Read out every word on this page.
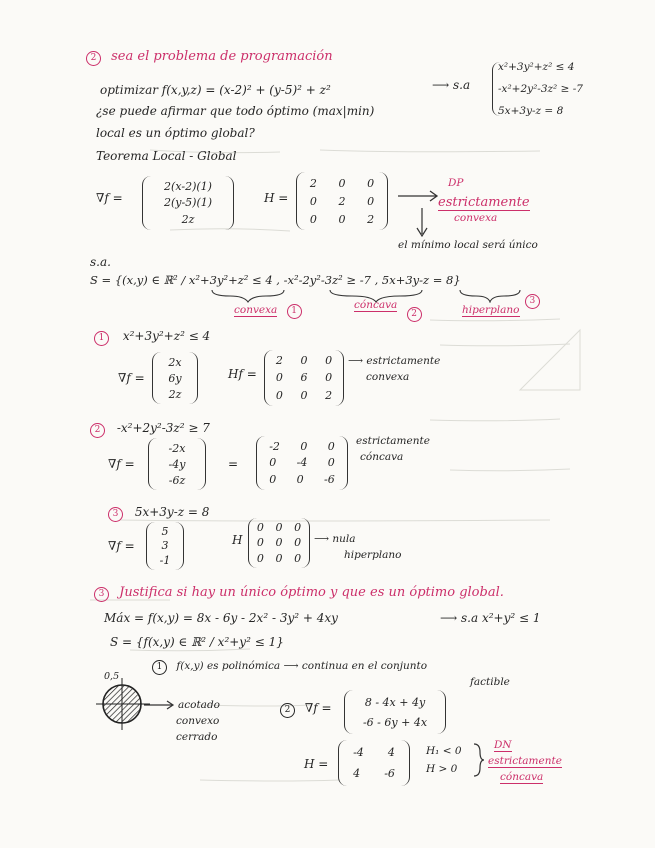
2 sea el problema de programación
optimizar f(x,y,z) = (x-2)² + (y-5)² + z²	⟶ s.a
x²+3y²+z² ≤ 4
-x²+2y²-3z² ≥ -7
5x+3y-z = 8
¿se puede afirmar que todo óptimo (max|min)
local es un óptimo global?
Teorema Local - Global
∇f =
2(x-2)(1)
2(y-5)(1)
2z
H =
2 0 0
0 2 0
0 0 2
DP
estrictamente
convexa
el mínimo local será único
s.a.
S = {(x,y) ∈ ℝ² / x²+3y²+z² ≤ 4 , -x²-2y²-3z² ≥ -7 , 5x+3y-z = 8}
convexa 1	cóncava 2	hiperplano 3
1 x²+3y²+z² ≤ 4
∇f =
2x
6y
2z
Hf =
2 0 0
0 6 0
0 0 2
⟶ estrictamente
convexa
2 -x²+2y²-3z² ≥ 7
∇f =
-2x
-4y
-6z
=
-2 0 0
0 -4 0
0 0 -6
estrictamente
cóncava
3 5x+3y-z = 8
∇f =
5
3
-1
H
0 0 0
0 0 0
0 0 0
⟶ nula
hiperplano
3 Justifica si hay un único óptimo y que es un óptimo global.
Máx = f(x,y) = 8x - 6y - 2x² - 3y² + 4xy	⟶ s.a x²+y² ≤ 1
S = {f(x,y) ∈ ℝ² / x²+y² ≤ 1}
1 f(x,y) es polinómica ⟶ continua en el conjunto
factible
0,5
acotado
convexo
cerrado
2 ∇f =	8 - 4x + 4y
-6 - 6y + 4x
H =
-4 4
4 -6
H₁ < 0
H > 0
DN
estrictamente
cóncava
